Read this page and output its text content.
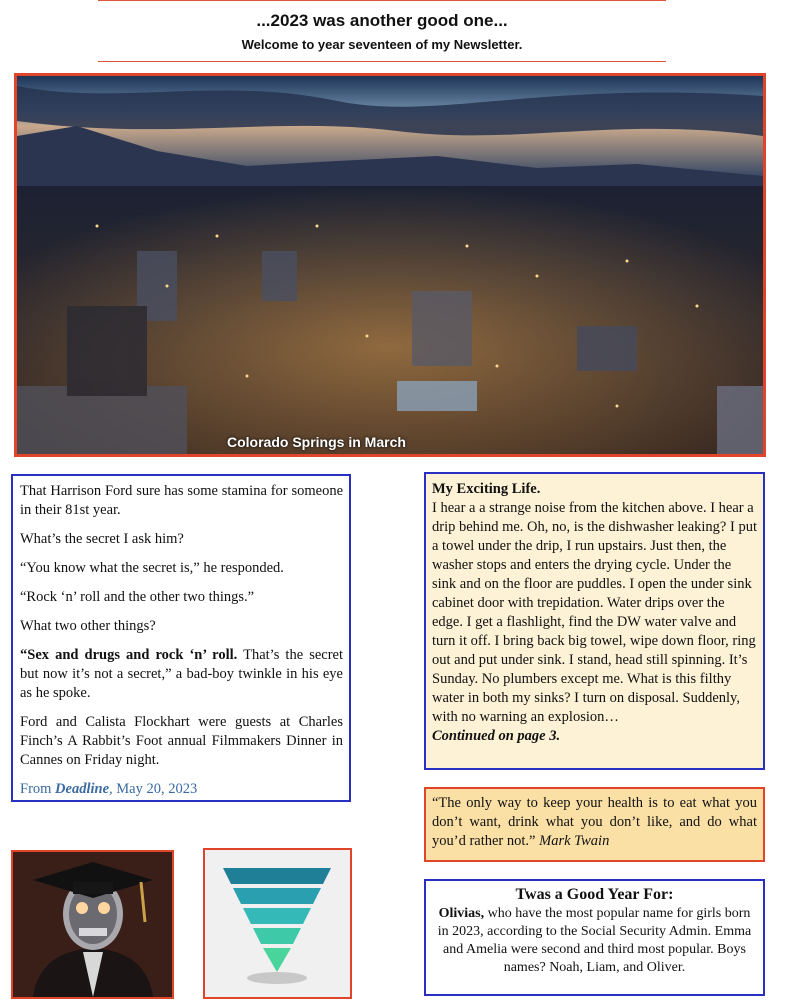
...2023 was another good one...
Welcome to year seventeen of my Newsletter.
Colorado Springs in March

That Harrison Ford sure has some stamina for someone in their 81st year.

What’s the secret I ask him?

“You know what the secret is,” he responded.

“Rock ‘n’ roll and the other two things.”

What two other things?

“Sex and drugs and rock ‘n’ roll. That’s the secret but now it’s not a secret,” a bad-boy twinkle in his eye as he spoke.

Ford and Calista Flockhart were guests at Charles Finch’s A Rabbit’s Foot annual Filmmakers Dinner in Cannes on Friday night.

From Deadline, May 20, 2023

My Exciting Life.

I hear a a strange noise from the kitchen above. I hear a drip behind me. Oh, no, is the dishwasher leaking? I put a towel under the drip, I run upstairs. Just then, the washer stops and enters the drying cycle. Under the sink and on the floor are puddles. I open the under sink cabinet door with trepidation. Water drips over the edge. I get a flashlight, find the DW water valve and turn it off. I bring back big towel, wipe down floor, ring out and put under sink. I stand, head still spinning. It’s Sunday. No plumbers except me. What is this filthy water in both my sinks? I turn on disposal. Suddenly, with no warning an explosion…

Continued on page 3.

“The only way to keep your health is to eat what you don’t want, drink what you don’t like, and do what you’d rather not.” Mark Twain
Twas a Good Year For:
Olivias, who have the most popular name for girls born in 2023, according to the Social Security Admin. Emma and Amelia were second and third most popular. Boys names? Noah, Liam, and Oliver.
